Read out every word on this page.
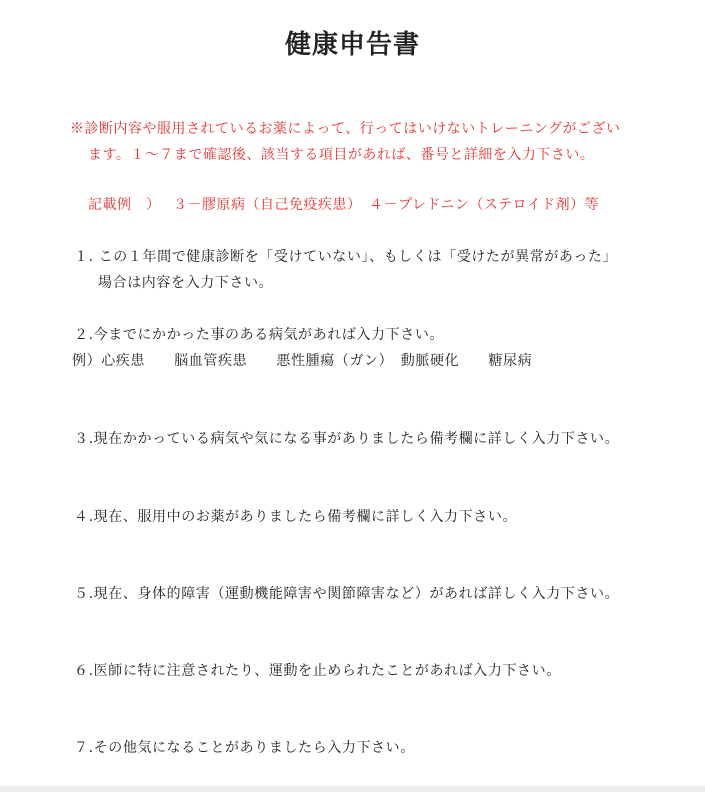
健康申告書
※診断内容や服用されているお薬によって、行ってはいけないトレーニングがござい
ます。１～７まで確認後、該当する項目があれば、番号と詳細を入力下さい。
記載例　）　 ３－膠原病（自己免疫疾患）　４－プレドニン（ステロイド剤）等
１. この１年間で健康診断を「受けていない」、もしくは「受けたが異常があった」
場合は内容を入力下さい。
２.今までにかかった事のある病気があれば入力下さい。
例）心疾患　　脳血管疾患　　悪性腫瘍（ガン）　動脈硬化　　糖尿病
３.現在かかっている病気や気になる事がありましたら備考欄に詳しく入力下さい。
４.現在、服用中のお薬がありましたら備考欄に詳しく入力下さい。
５.現在、身体的障害（運動機能障害や関節障害など）があれば詳しく入力下さい。
６.医師に特に注意されたり、運動を止められたことがあれば入力下さい。
７.その他気になることがありましたら入力下さい。
